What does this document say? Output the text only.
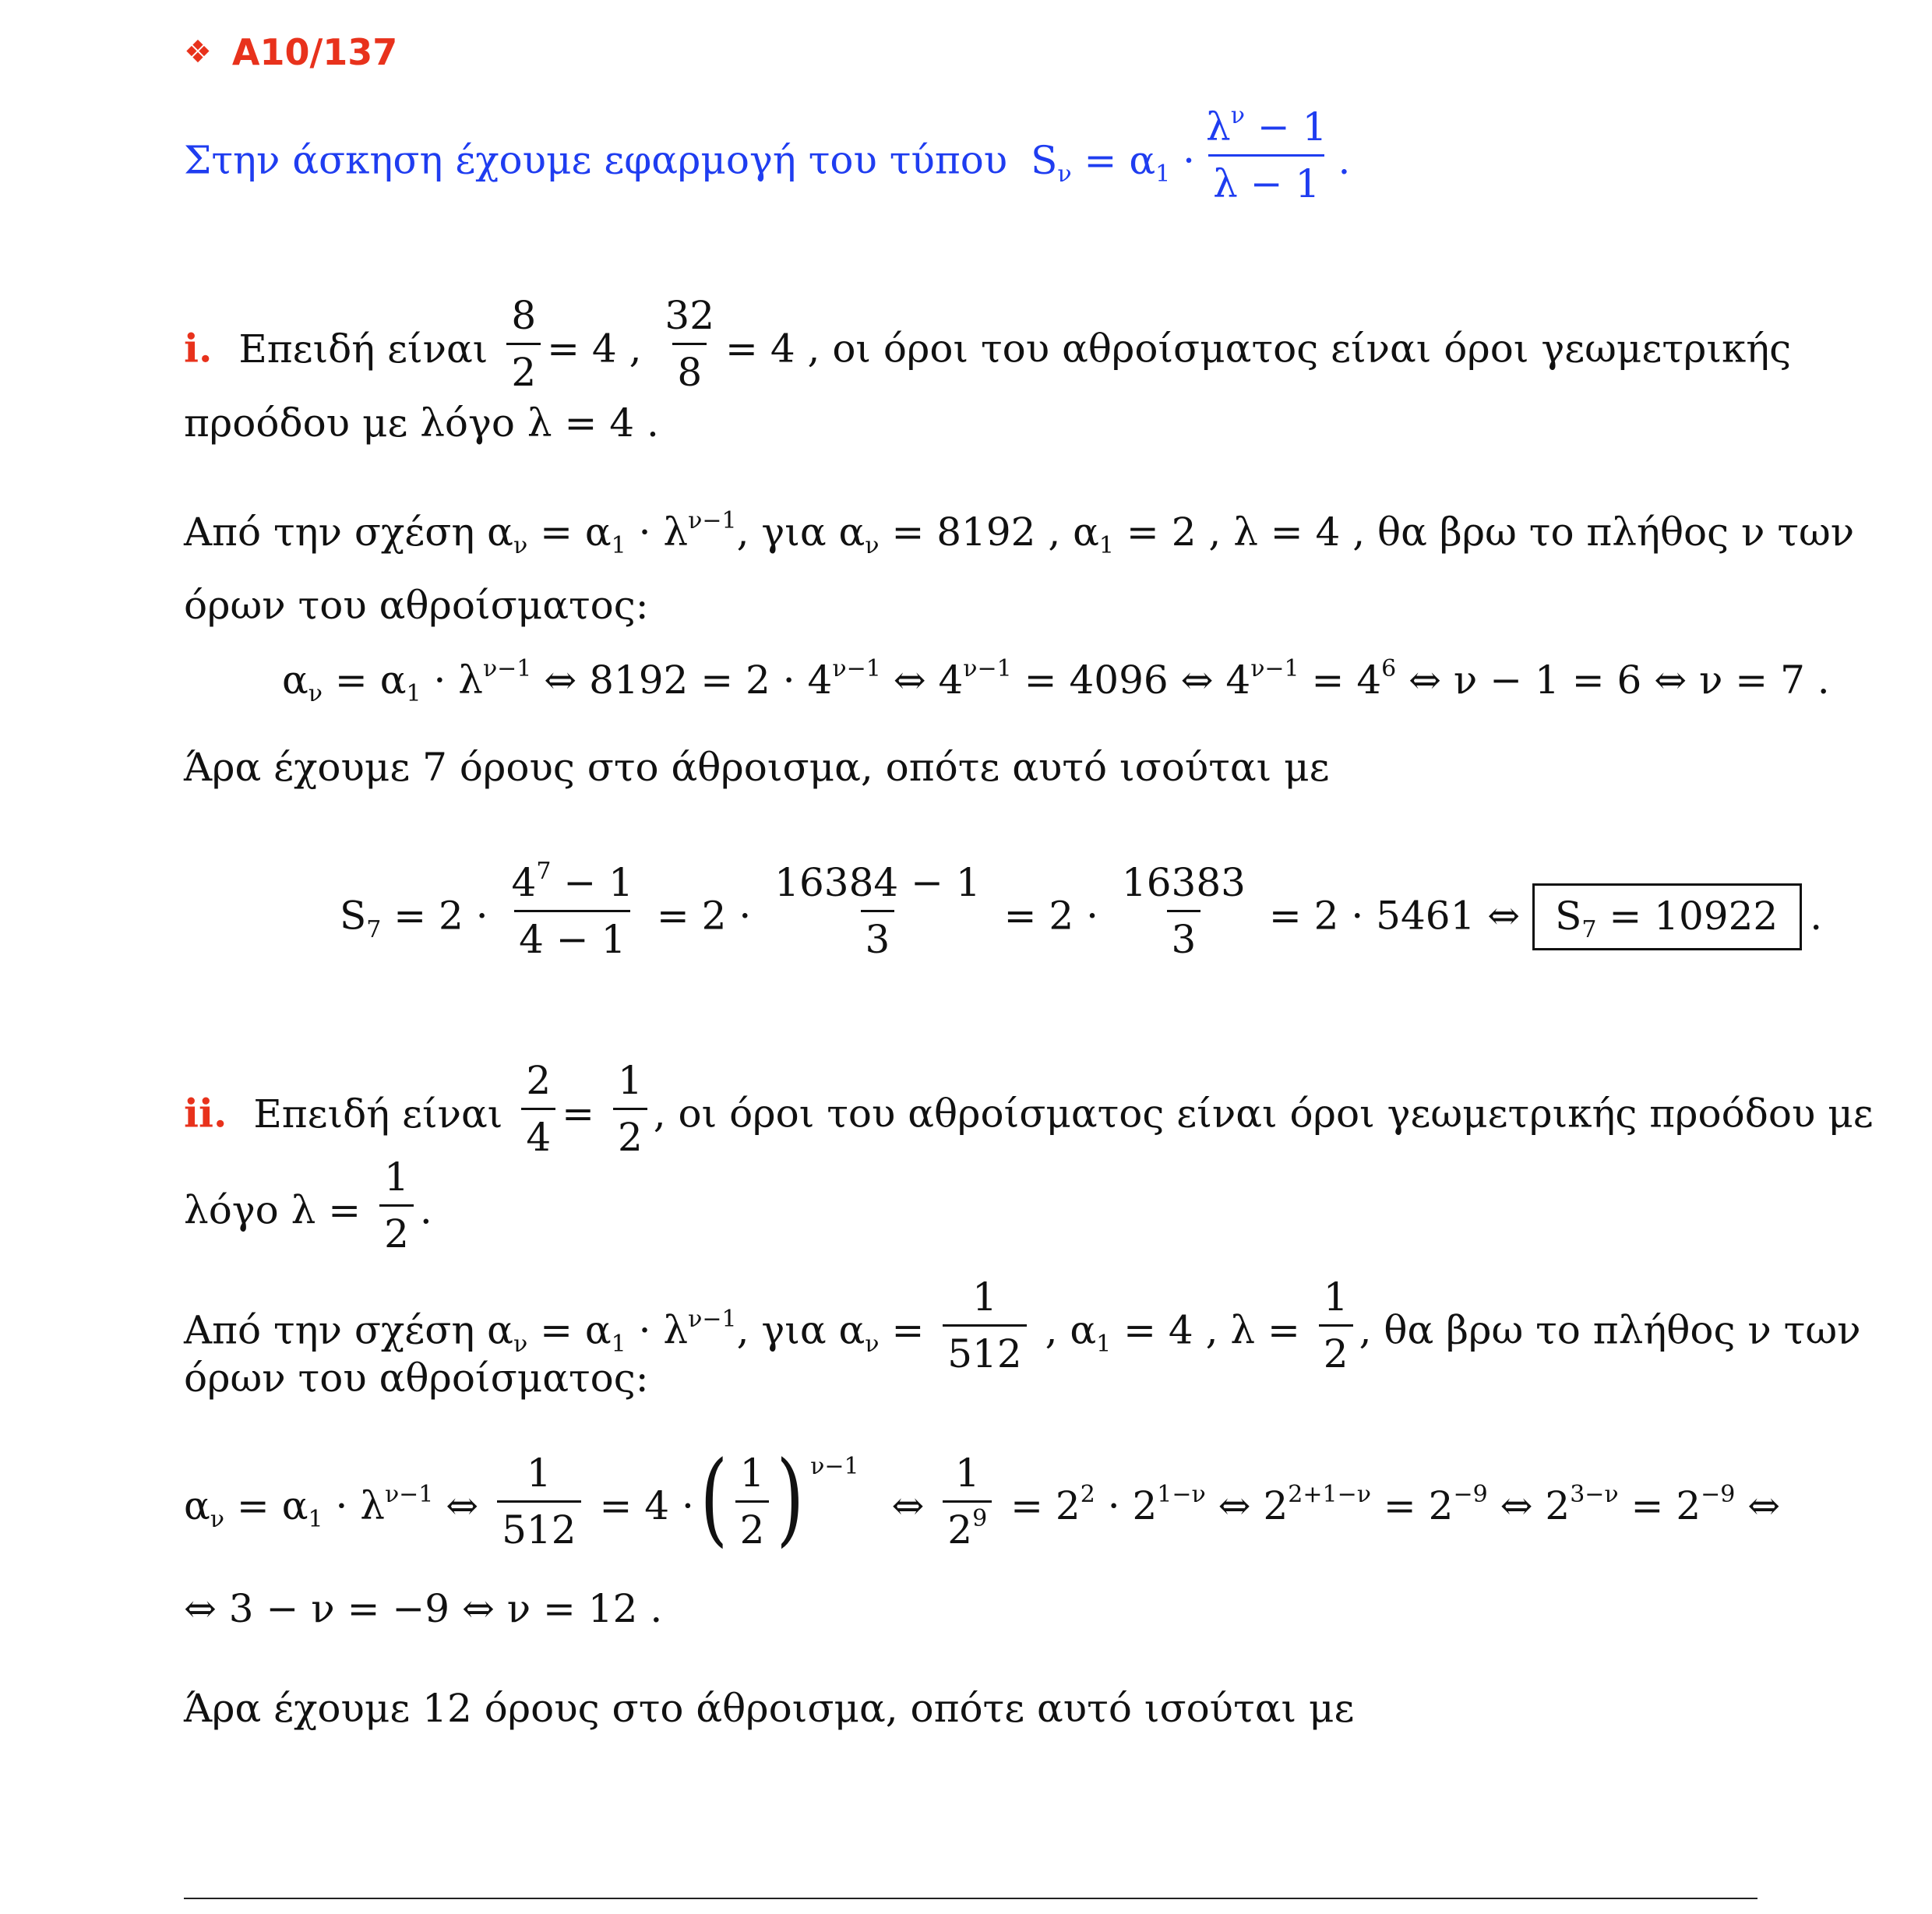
❖ A10/137
Στην άσκηση έχουμε εφαρμογή του τύπου $S_\nu = \alpha_1 \cdot \frac{\lambda^\nu - 1}{\lambda - 1}$ .
i. Επειδή είναι $\frac{8}{2} = 4$ , $\frac{32}{8} = 4$ , οι όροι του αθροίσματος είναι όροι γεωμετρικής
προόδου με λόγο λ = 4 .
Από την σχέση $\alpha_\nu = \alpha_1 \cdot \lambda^{\nu-1}$, για $\alpha_\nu = 8192$ , $\alpha_1 = 2$ , λ = 4 , θα βρω το πλήθος ν των
όρων του αθροίσματος:
$\alpha_\nu = \alpha_1 \cdot \lambda^{\nu-1}$ ⇔ $8192 = 2 \cdot 4^{\nu-1}$ ⇔ $4^{\nu-1} = 4096$ ⇔ $4^{\nu-1} = 4^6$ ⇔ ν − 1 = 6 ⇔ ν = 7 .
Άρα έχουμε 7 όρους στο άθροισμα, οπότε αυτό ισούται με
$S_7 = 2 \cdot \frac{4^7 - 1}{4 - 1} = 2 \cdot \frac{16384 - 1}{3} = 2 \cdot \frac{16383}{3} = 2 \cdot 5461$ ⇔ $S_7 = 10922$ .
ii. Επειδή είναι $\frac{2}{4} = \frac{1}{2}$ , οι όροι του αθροίσματος είναι όροι γεωμετρικής προόδου με
λόγο $\lambda = \frac{1}{2}$ .
Από την σχέση $\alpha_\nu = \alpha_1 \cdot \lambda^{\nu-1}$, για $\alpha_\nu = \frac{1}{512}$ , $\alpha_1 = 4$ , $\lambda = \frac{1}{2}$ , θα βρω το πλήθος ν των
όρων του αθροίσματος:
$\alpha_\nu = \alpha_1 \cdot \lambda^{\nu-1}$ ⇔ $\frac{1}{512} = 4$ ·( $\frac{1}{2}$ ) $^{\nu-1}$ ⇔ $\frac{1}{2^9} = 2^2 \cdot 2^{1-\nu}$ ⇔ $2^{2+1-\nu} = 2^{-9}$ ⇔ $2^{3-\nu} = 2^{-9}$ ⇔
⇔ 3 − ν = −9 ⇔ ν = 12 .
Άρα έχουμε 12 όρους στο άθροισμα, οπότε αυτό ισούται με
